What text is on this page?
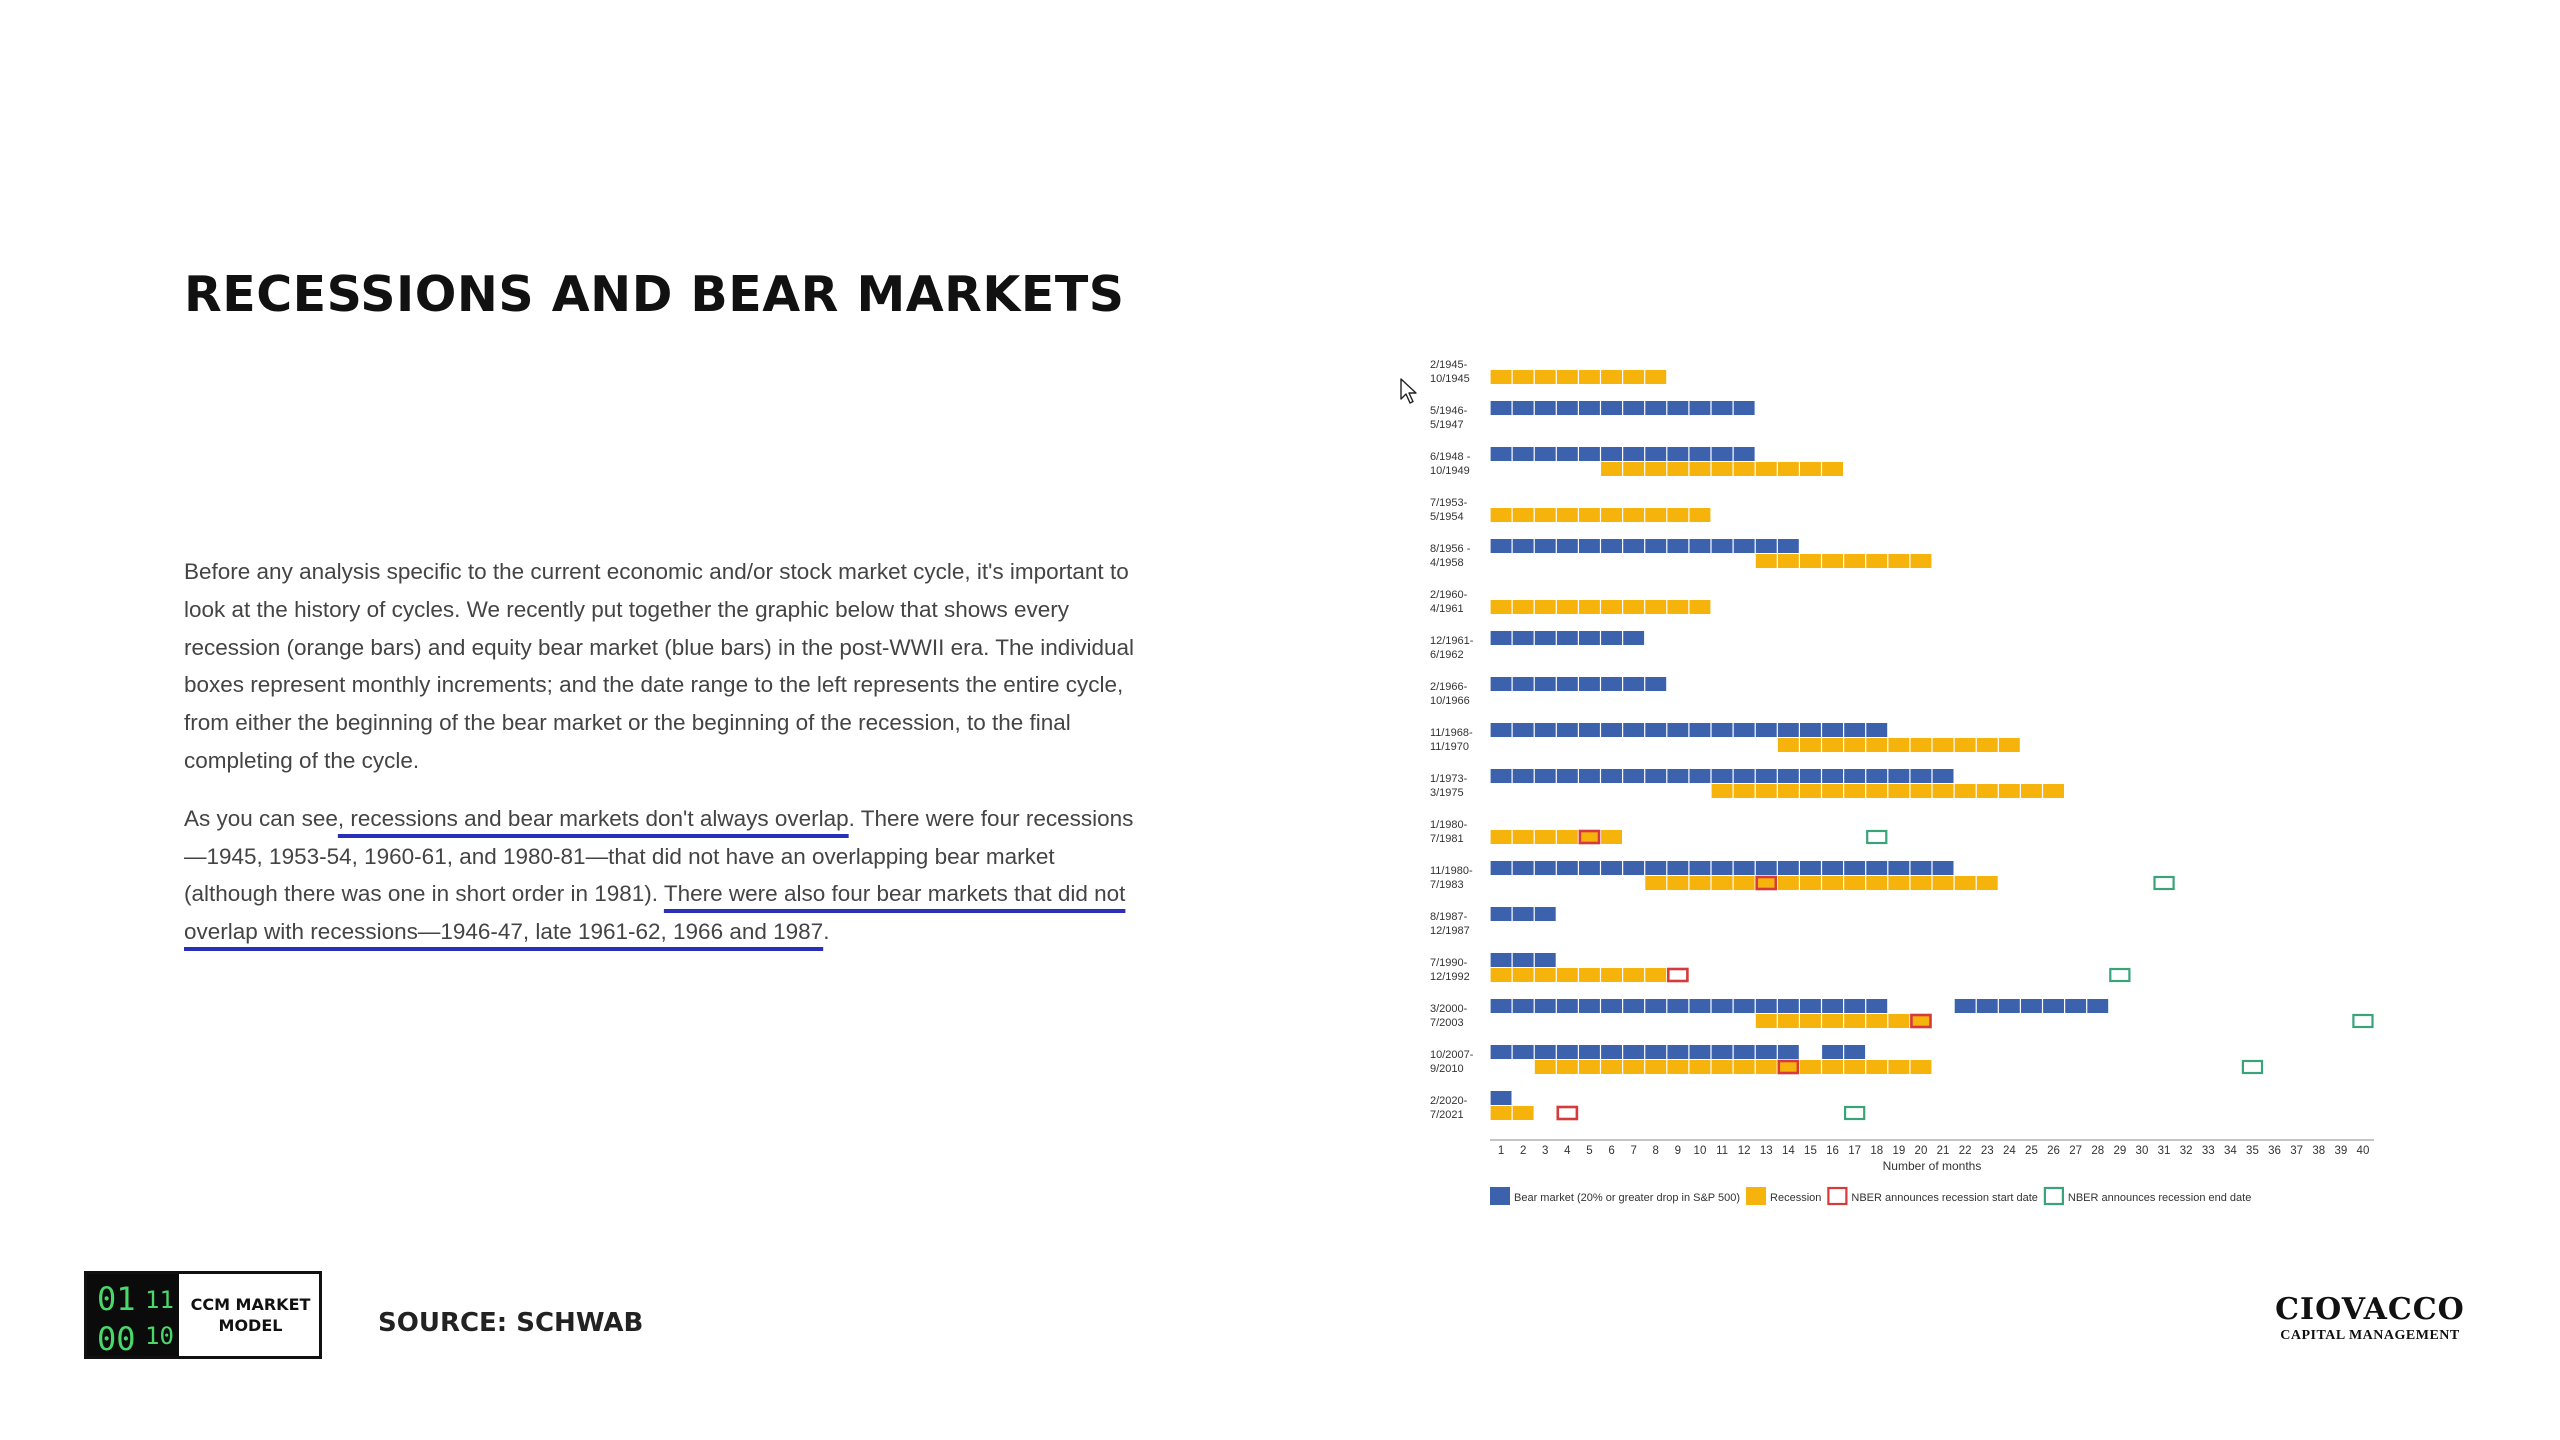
RECESSIONS AND BEAR MARKETS

Before any analysis specific to the current economic and/or stock market cycle, it's important to look at the history of cycles. We recently put together the graphic below that shows every recession (orange bars) and equity bear market (blue bars) in the post-WWII era. The individual boxes represent monthly increments; and the date range to the left represents the entire cycle, from either the beginning of the bear market or the beginning of the recession, to the final completing of the cycle.

As you can see, recessions and bear markets don't always overlap. There were four recessions—1945, 1953-54, 1960-61, and 1980-81—that did not have an overlapping bear market (although there was one in short order in 1981). There were also four bear markets that did not overlap with recessions—1946-47, late 1961-62, 1966 and 1987.

2/1945-
10/1945
5/1946-
5/1947
6/1948 -
10/1949
7/1953-
5/1954
8/1956 -
4/1958
2/1960-
4/1961
12/1961-
6/1962
2/1966-
10/1966
11/1968-
11/1970
1/1973-
3/1975
1/1980-
7/1981
11/1980-
7/1983
8/1987-
12/1987
7/1990-
12/1992
3/2000-
7/2003
10/2007-
9/2010
2/2020-
7/2021
1 2 3 4 5 6 7 8 9 10 11 12 13 14 15 16 17 18 19 20 21 22 23 24 25 26 27 28 29 30 31 32 33 34 35 36 37 38 39 40
Number of months
Bear market (20% or greater drop in S&P 500)	Recession	NBER announces recession start date	NBER announces recession end date
01 11
00 10
CCM MARKET MODEL	SOURCE: SCHWAB	CIOVACCO
CAPITAL MANAGEMENT
